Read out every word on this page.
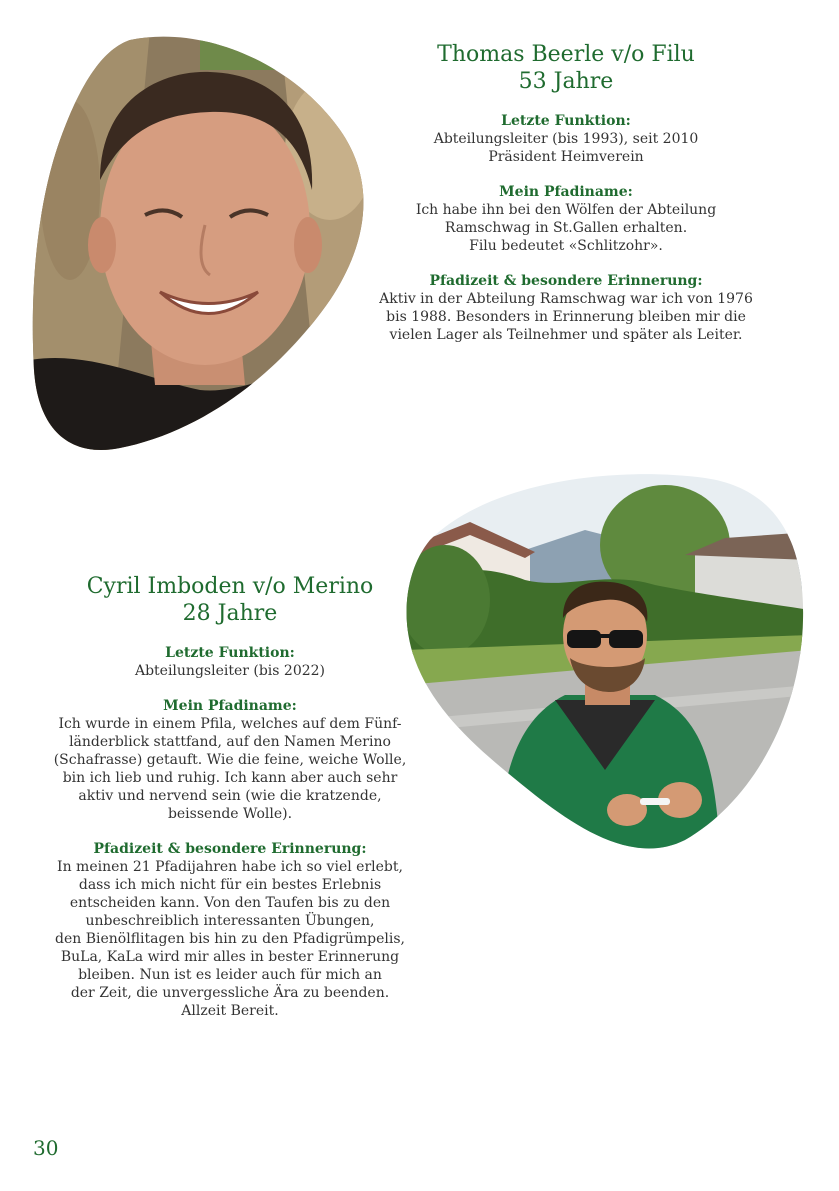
Thomas Beerle v/o Filu
53 Jahre

Letzte Funktion:

Abteilungsleiter (bis 1993), seit 2010

Präsident Heimverein

Mein Pfadiname:

Ich habe ihn bei den Wölfen der Abteilung

Ramschwag in St.Gallen erhalten.

Filu bedeutet «Schlitzohr».

Pfadizeit & besondere Erinnerung:

Aktiv in der Abteilung Ramschwag war ich von 1976

bis 1988. Besonders in Erinnerung bleiben mir die

vielen Lager als Teilnehmer und später als Leiter.

Cyril Imboden v/o Merino
28 Jahre

Letzte Funktion:

Abteilungsleiter (bis 2022)

Mein Pfadiname:

Ich wurde in einem Pfila, welches auf dem Fünf-

länderblick stattfand, auf den Namen Merino

(Schafrasse) getauft. Wie die feine, weiche Wolle,

bin ich lieb und ruhig. Ich kann aber auch sehr

aktiv und nervend sein (wie die kratzende,

beissende Wolle).

Pfadizeit & besondere Erinnerung:

In meinen 21 Pfadijahren habe ich so viel erlebt,

dass ich mich nicht für ein bestes Erlebnis

entscheiden kann. Von den Taufen bis zu den

unbeschreiblich interessanten Übungen,

den Bienölflitagen bis hin zu den Pfadigrümpelis,

BuLa, KaLa wird mir alles in bester Erinnerung

bleiben. Nun ist es leider auch für mich an

der Zeit, die unvergessliche Ära zu beenden.

Allzeit Bereit.

30
